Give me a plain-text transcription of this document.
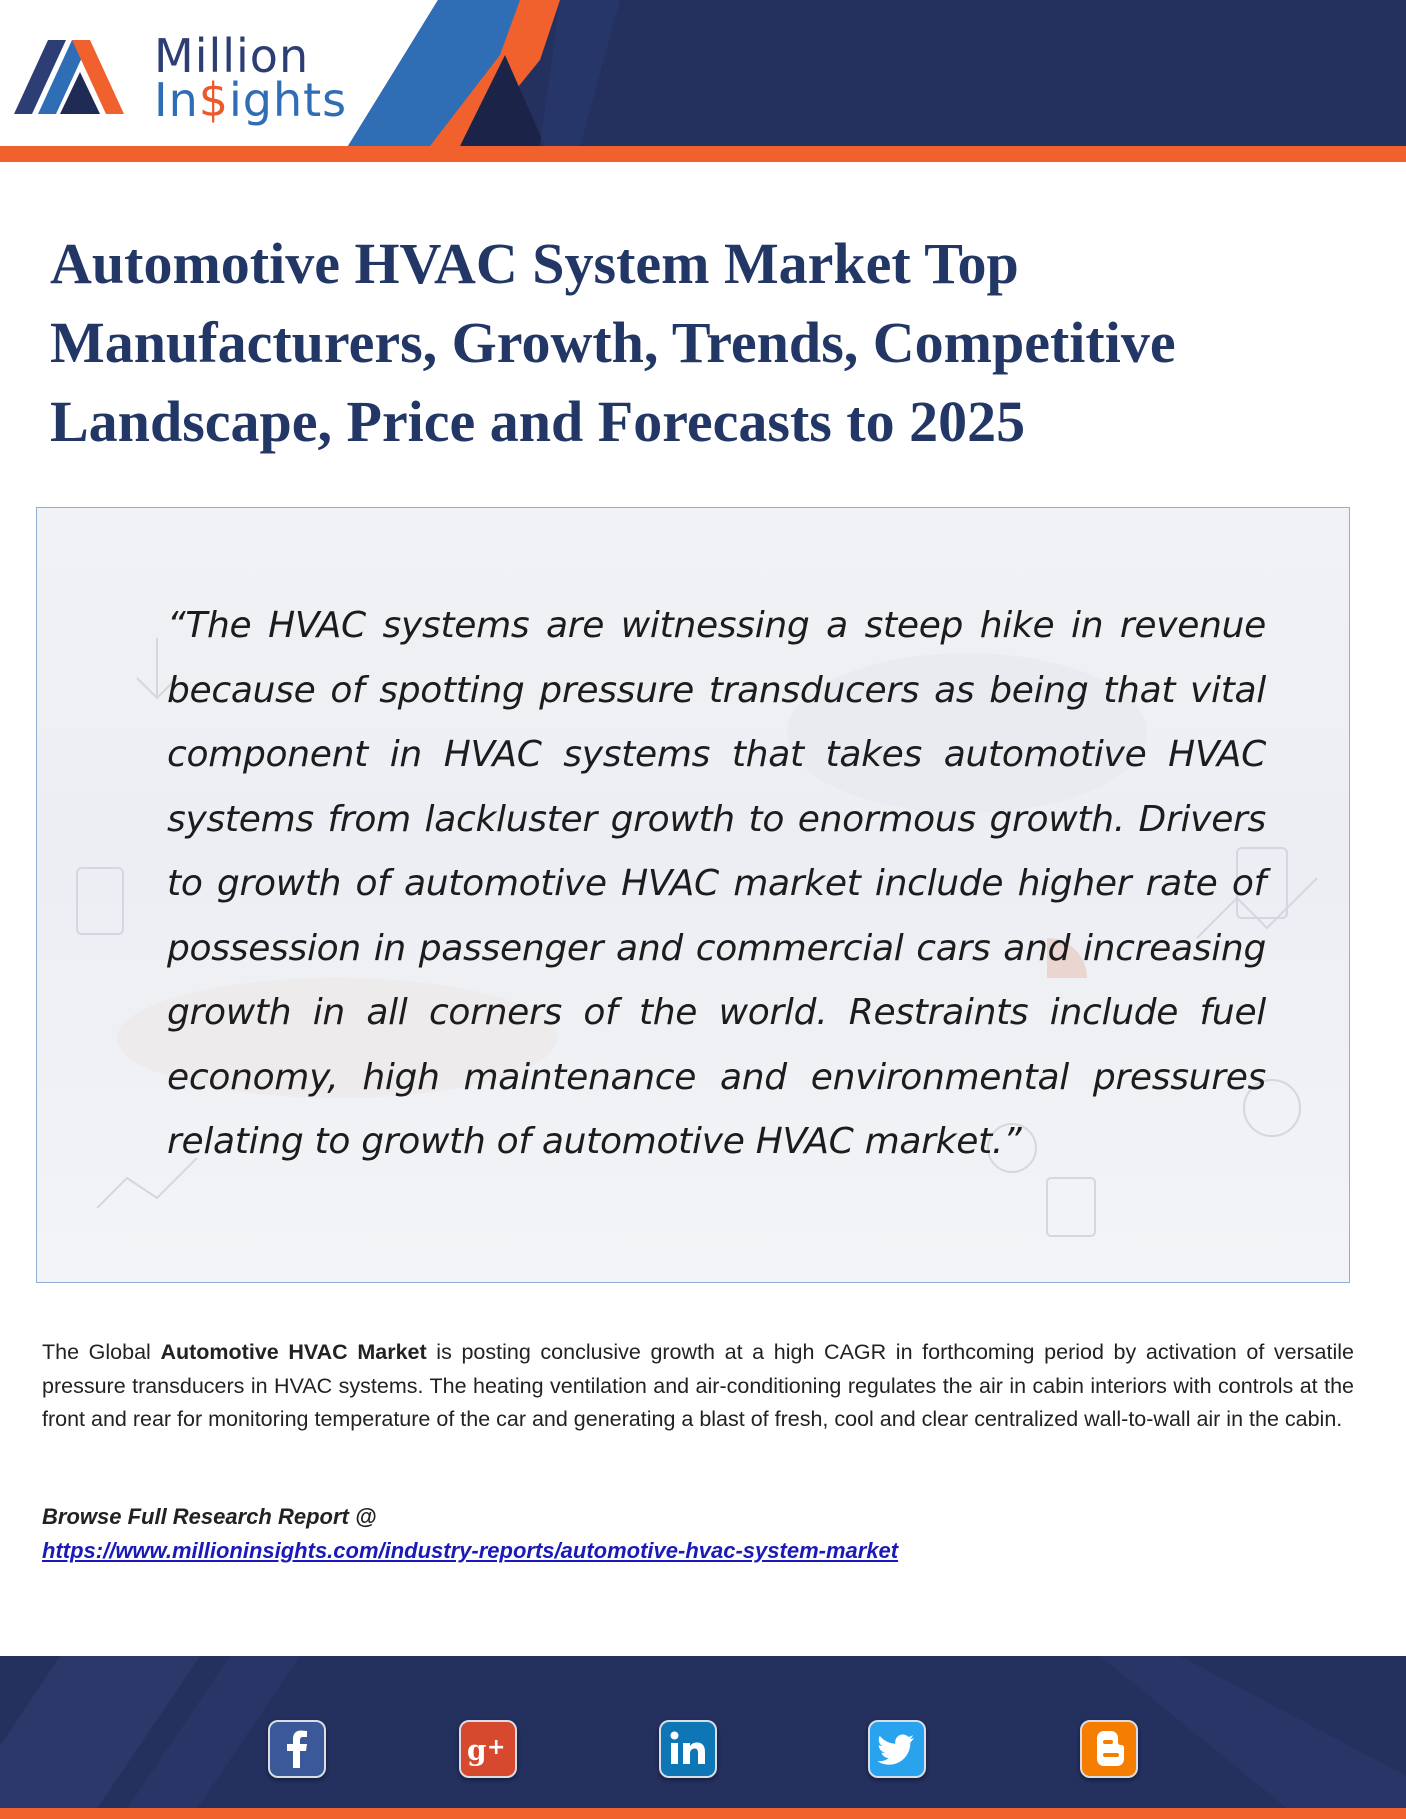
Million
In$ights
Automotive HVAC System Market Top Manufacturers, Growth, Trends, Competitive Landscape, Price and Forecasts to 2025

“The HVAC systems are witnessing a steep hike in revenue because of spotting pressure transducers as being that vital component in HVAC systems that takes automotive HVAC systems from lackluster growth to enormous growth. Drivers to growth of automotive HVAC market include higher rate of possession in passenger and commercial cars and increasing growth in all corners of the world. Restraints include fuel economy, high maintenance and environmental pressures relating to growth of automotive HVAC market.”

The Global Automotive HVAC Market is posting conclusive growth at a high CAGR in forthcoming period by activation of versatile pressure transducers in HVAC systems. The heating ventilation and air-conditioning regulates the air in cabin interiors with controls at the front and rear for monitoring temperature of the car and generating a blast of fresh, cool and clear centralized wall-to-wall air in the cabin.

Browse Full Research Report @
https://www.millioninsights.com/industry-reports/automotive-hvac-system-market
g +
